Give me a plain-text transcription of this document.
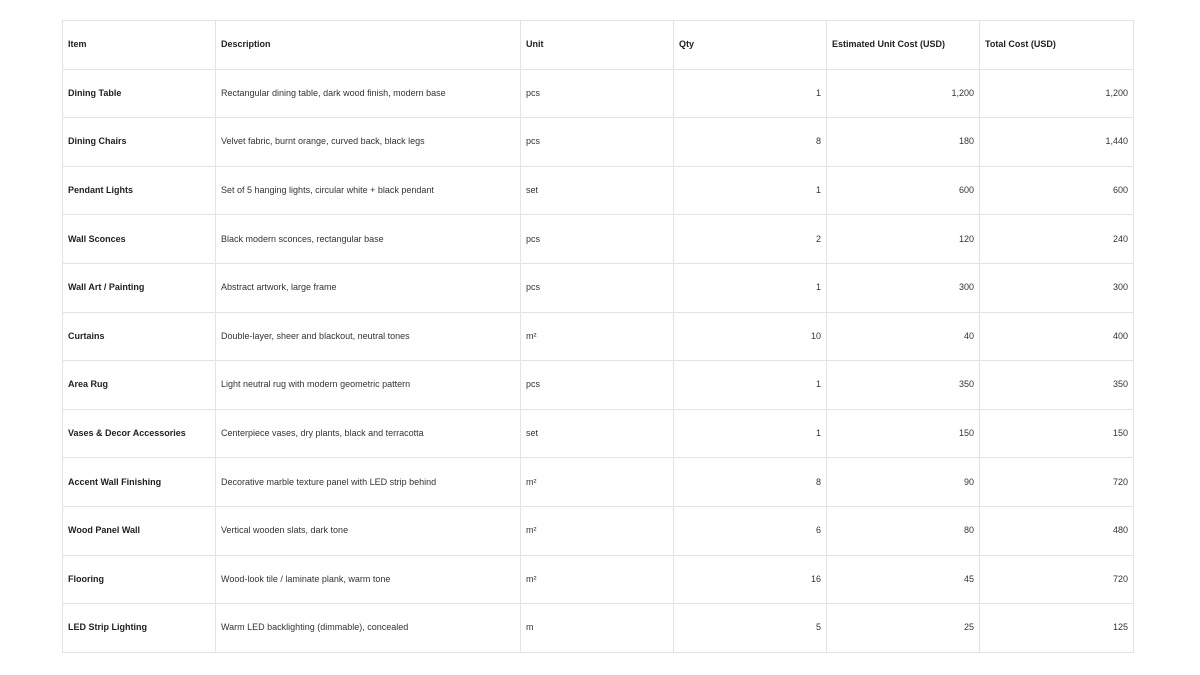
Item	Description	Unit	Qty	Estimated Unit Cost (USD)	Total Cost (USD)
Dining Table	Rectangular dining table, dark wood finish, modern base	pcs	1	1,200	1,200
Dining Chairs	Velvet fabric, burnt orange, curved back, black legs	pcs	8	180	1,440
Pendant Lights	Set of 5 hanging lights, circular white + black pendant	set	1	600	600
Wall Sconces	Black modern sconces, rectangular base	pcs	2	120	240
Wall Art / Painting	Abstract artwork, large frame	pcs	1	300	300
Curtains	Double-layer, sheer and blackout, neutral tones	m²	10	40	400
Area Rug	Light neutral rug with modern geometric pattern	pcs	1	350	350
Vases & Decor Accessories	Centerpiece vases, dry plants, black and terracotta	set	1	150	150
Accent Wall Finishing	Decorative marble texture panel with LED strip behind	m²	8	90	720
Wood Panel Wall	Vertical wooden slats, dark tone	m²	6	80	480
Flooring	Wood-look tile / laminate plank, warm tone	m²	16	45	720
LED Strip Lighting	Warm LED backlighting (dimmable), concealed	m	5	25	125
